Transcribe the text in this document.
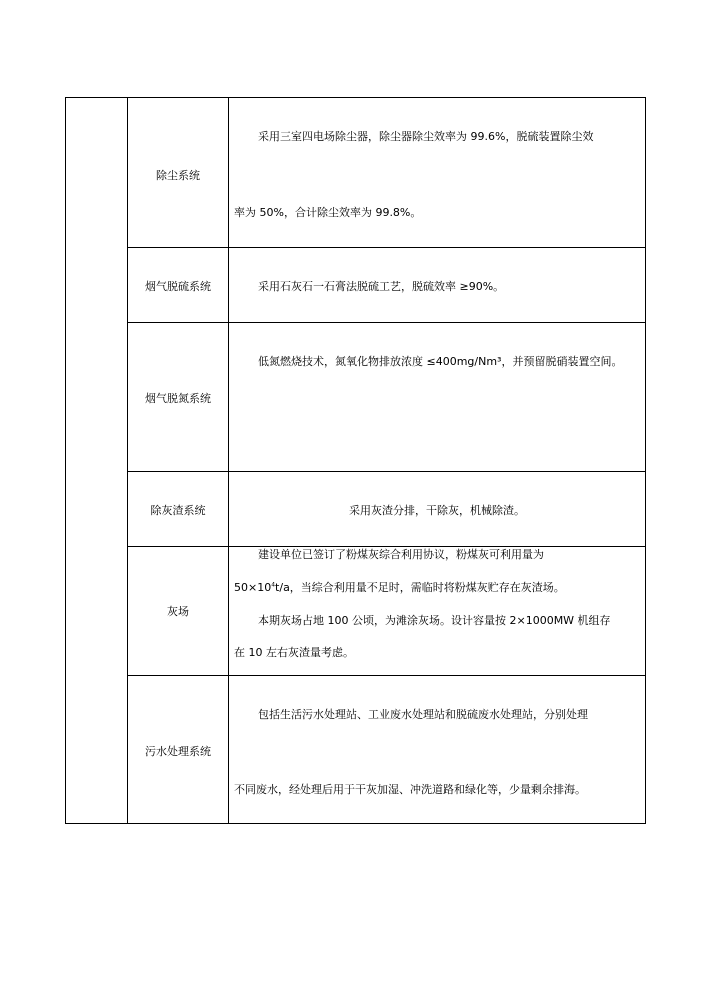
除尘系统
采用三室四电场除尘器，除尘器除尘效率为 99.6%，脱硫装置除尘效
率为 50%，合计除尘效率为 99.8%。
烟气脱硫系统	采用石灰石一石膏法脱硫工艺，脱硫效率 ≥90%。
烟气脱氮系统
低氮燃烧技术，氮氧化物排放浓度 ≤400mg/Nm³，并预留脱硝装置空间。
除灰渣系统	采用灰渣分排，干除灰，机械除渣。
灰场
建设单位已签订了粉煤灰综合利用协议，粉煤灰可利用量为
$50\times 10^4t/a$，当综合利用量不足时，需临时将粉煤灰贮存在灰渣场。
本期灰场占地 100 公顷，为滩涂灰场。设计容量按 2×1000MW 机组存
在 10 左右灰渣量考虑。
污水处理系统
包括生活污水处理站、工业废水处理站和脱硫废水处理站，分别处理
不同废水，经处理后用于干灰加湿、冲洗道路和绿化等，少量剩余排海。
